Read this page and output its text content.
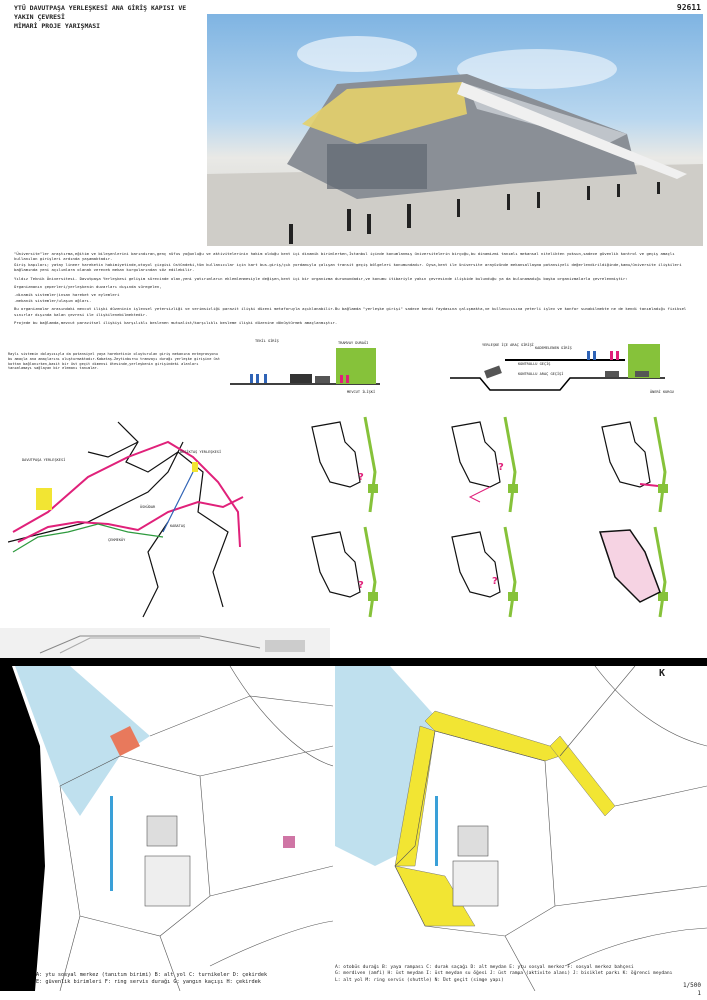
YTÜ DAVUTPAŞA YERLEŞKESİ ANA GİRİŞ KAPISI VE YAKIN ÇEVRESİ
MİMARİ PROJE YARIŞMASI
92611
"Üniversite"ler araştırma,eğitim ve bileşenlerini barındıran,genç nüfus yoğunluğu ve aktivitelerinin hakim olduğu kent içi dinamik birimlerken,İstanbul içinde konumlanmış üniversitelerin birçoğu,bu dinamizmi tanımlı mekansal nitelikten yoksun,sadece güvenlik kontrol ve geçiş amaçlı kullanılan girişleri ardında yaşamaktadır.
Giriş kapıları; yatay lineer hareketin hakimiyetinde,otoyol çizgisi üstündeki,tüm kullanıcılar için kart bus-giriş/çık yordamıyla çalışan transit geçiş bölgeleri konumundadır. Oysa,kent ile üniversite arayüzünde mekansallaşma potansiyeli değerlendirildiğinde,kamu/üniversite ilişkileri bağlamında yeni açılımlara olanak verecek mekan kurgularından söz edilebilir.
Yıldız Teknik Üniversitesi- Davutpaşa Yerleşkesi gelişim sürecinde olan,yeni yatırımların eklemlenmesiyle değişen,kent içi bir organizma durumundadır,ve konumu itibariyle yakın çevresinde ilişkide bulunduğu ya da bulunamadığı başka organizmalarla çevrelenmiştir:
Organizmanın çeperleri/yerleşkenin duvarları dışında süregelen,
.dinamik sistemler(insan hareket ve eylemleri
.mekanik sistemler/ulaşım ağları.
Bu organizmalar arasındaki mevcut ilişki düzeninin işlevsel yetersizliği ve verimsizliği parazit ilişki düzeni metaforuyla açıklanabilir.Bu bağlamda "yerleşke girişi" sadece kendi faydasına çalışmakta,ve kullanıcısına yeterli işlev ve konfor sunabilmekte ne de kendi tanımladığı fiziksel sınırlar dışında kalan çevresi ile ilişkilenebilmektedir.
Projede bu bağlamda,mevcut parazitsel ilişkiyi karşılıklı beslenen mutualist/karşılıklı besleme ilişki düzenine dönüştürmek amaçlanmıştır.
Raylı sistemin dolayısıyla da potansiyel yaya hareketinin oluşturulan giriş mekanına entegrasyonu bu amaçla ana amaçlarını oluşturmaktadır.Kabataş-Zeytinburnu tramvayı durağı yerleşke girişine üst kottan bağlanırken,basit bir üst geçit dimensi ötesinde,yerleşkenin girişindeki alanları tanımlamayı sağlayan bir elemanı tanımlar.
TEKİL GİRİŞ	TRAMVAY DURAĞI
MEVCUT İLİŞKİ
KADEMELENEN GİRİŞ
KONTROLLU GEÇİŞ
KONTROLLU ARAÇ GEÇİŞİ
ÖNERİ KURGU
YERLEŞKE İÇE ARAÇ GİRİŞİ
DAVUTPAŞA YERLEŞKESİ
BESİKTAŞ YERLEŞKESİ
KABATAŞ
ÇEKMEKÖY
ÜSKÜDAR
?
?
?	?
K
A: ytu sosyal merkez (tanıtım birimi) B: alt yol C: turnikeler D: çekirdek
E: güvenlik birimleri F: ring servis durağı G: yangın kaçışı H: çekirdek
A: otobüs durağı B: yaya rampası C: durak saçağı D: alt meydan E: ytu sosyal merkez F: sosyal merkez bahçesi
G: merdiven (amfi) H: üst meydan I: üst meydan su öğesi J: üst rampa (aktivite alanı) J: bisiklet parkı K: öğrenci meydanı
L: alt yol M: ring servis (shuttle) N: Üst geçit (simge yapı)
1/500
1
